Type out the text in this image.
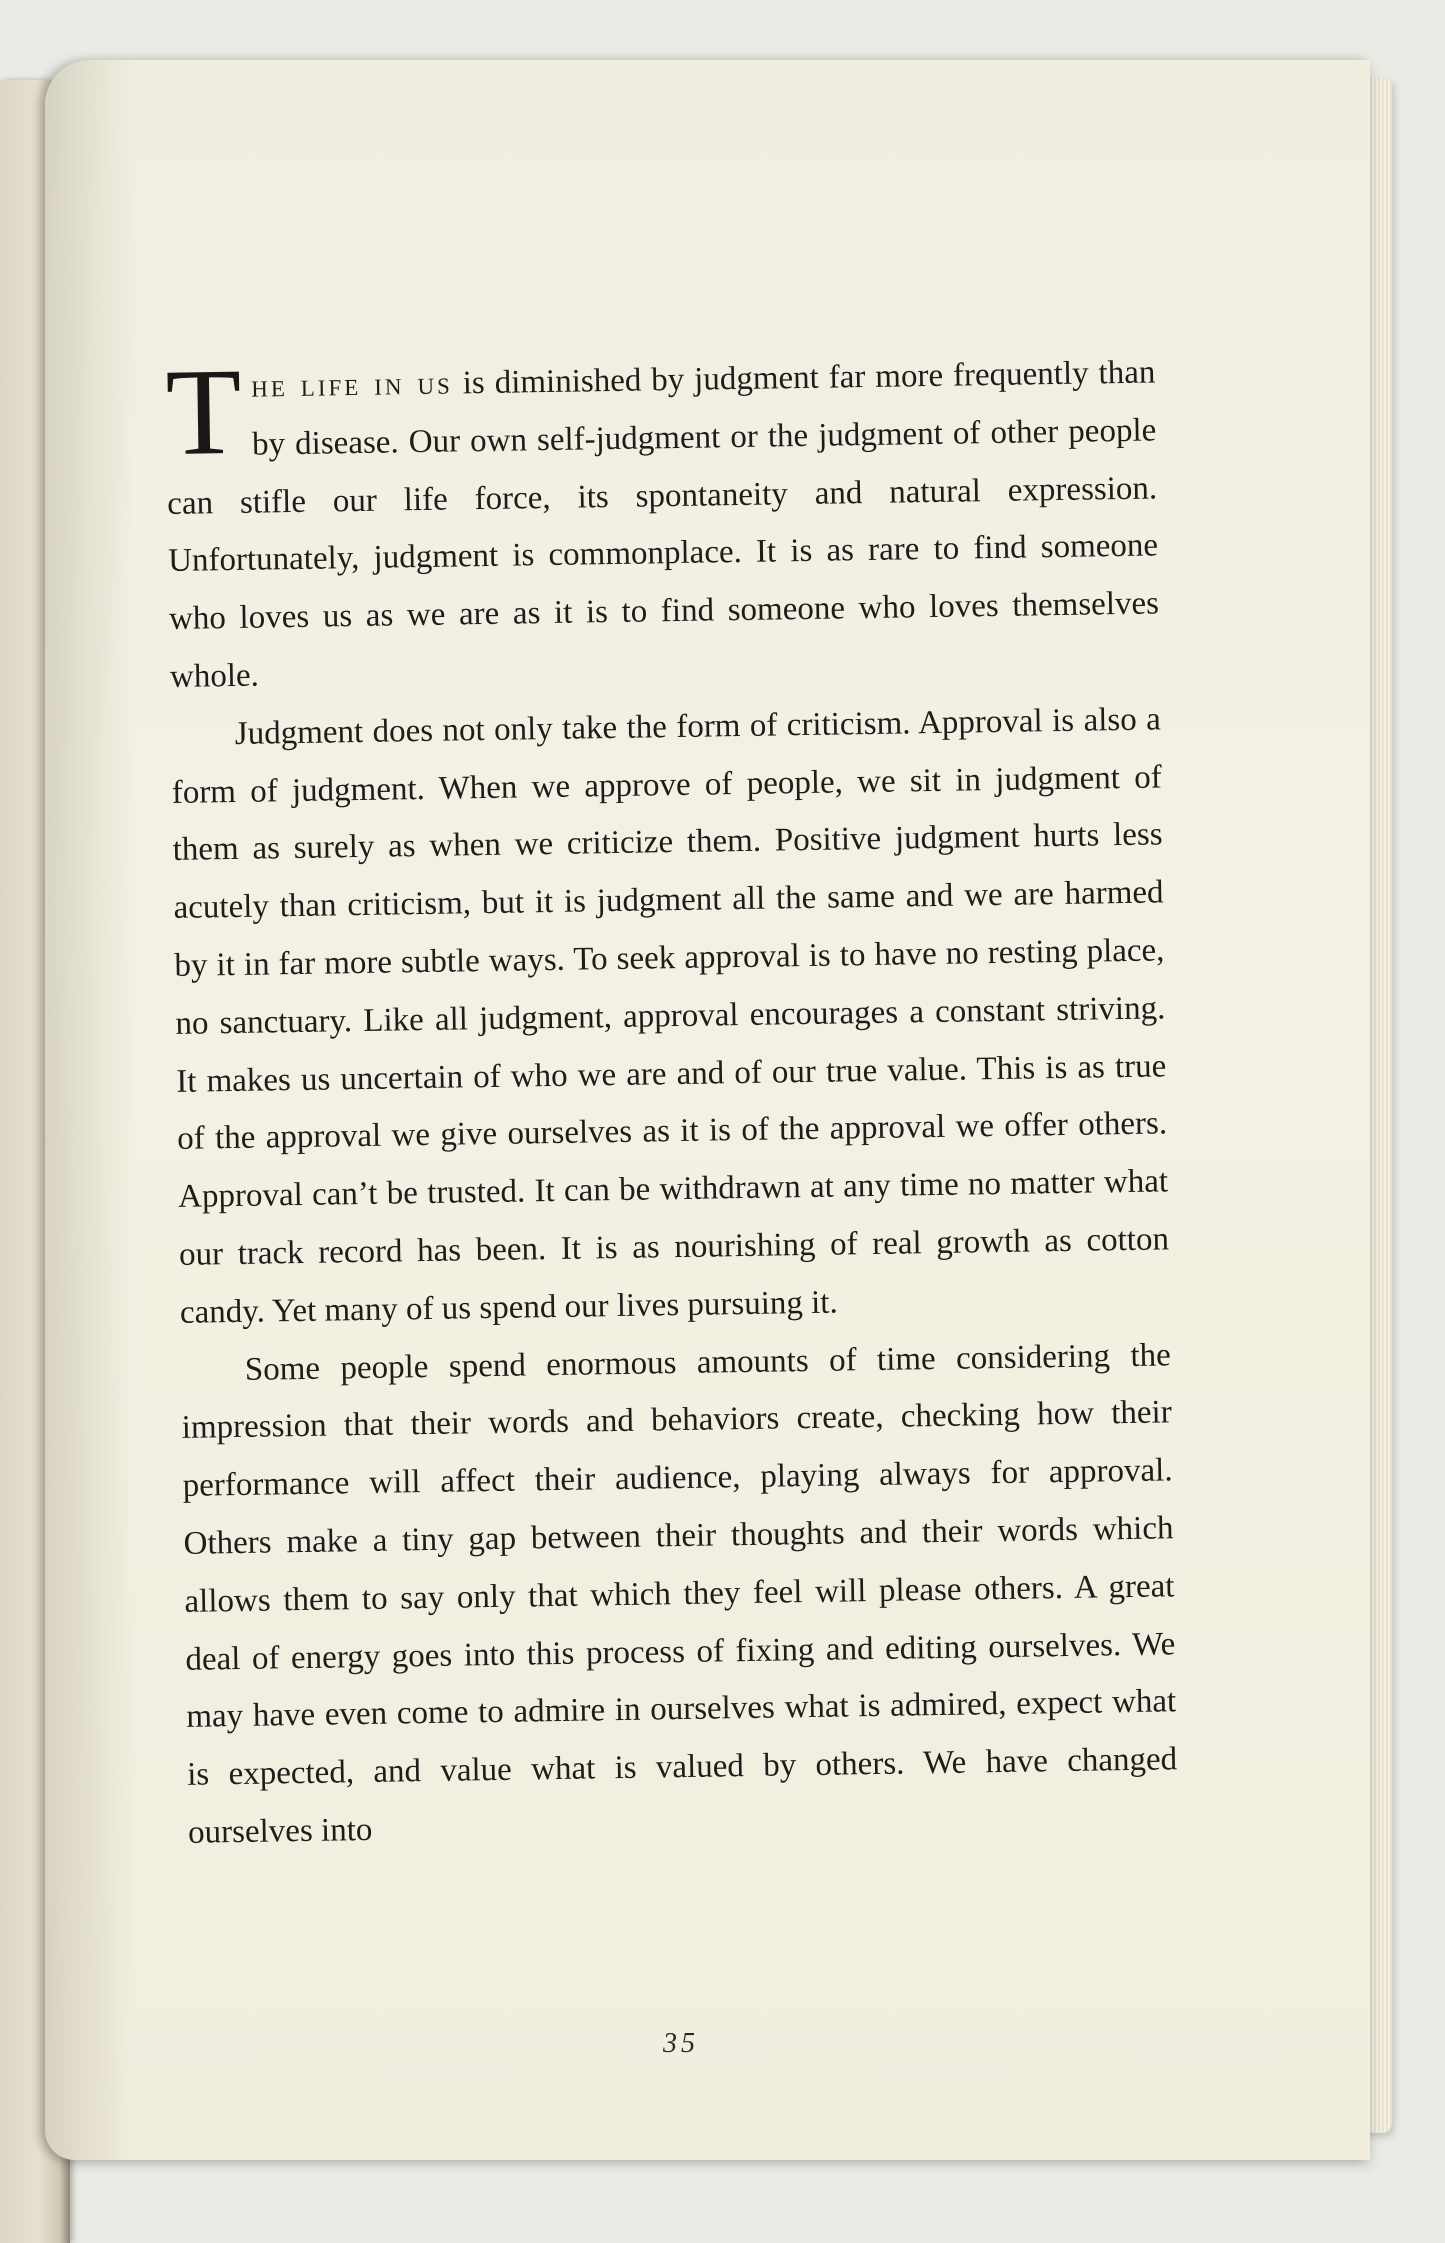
The life in us is diminished by judgment far more frequently than by disease. Our own self-judgment or the judgment of other people can stifle our life force, its spontaneity and natural expression. Unfortunately, judgment is commonplace. It is as rare to find someone who loves us as we are as it is to find someone who loves themselves whole.

Judgment does not only take the form of criticism. Approval is also a form of judgment. When we approve of people, we sit in judgment of them as surely as when we criticize them. Positive judgment hurts less acutely than criticism, but it is judgment all the same and we are harmed by it in far more subtle ways. To seek approval is to have no resting place, no sanctuary. Like all judgment, approval encourages a constant striving. It makes us uncertain of who we are and of our true value. This is as true of the approval we give ourselves as it is of the approval we offer others. Approval can’t be trusted. It can be withdrawn at any time no matter what our track record has been. It is as nourishing of real growth as cotton candy. Yet many of us spend our lives pursuing it.

Some people spend enormous amounts of time considering the impression that their words and behaviors create, checking how their performance will affect their audience, playing always for approval. Others make a tiny gap between their thoughts and their words which allows them to say only that which they feel will please others. A great deal of energy goes into this process of fixing and editing ourselves. We may have even come to admire in ourselves what is admired, expect what is expected, and value what is valued by others. We have changed ourselves into

35
